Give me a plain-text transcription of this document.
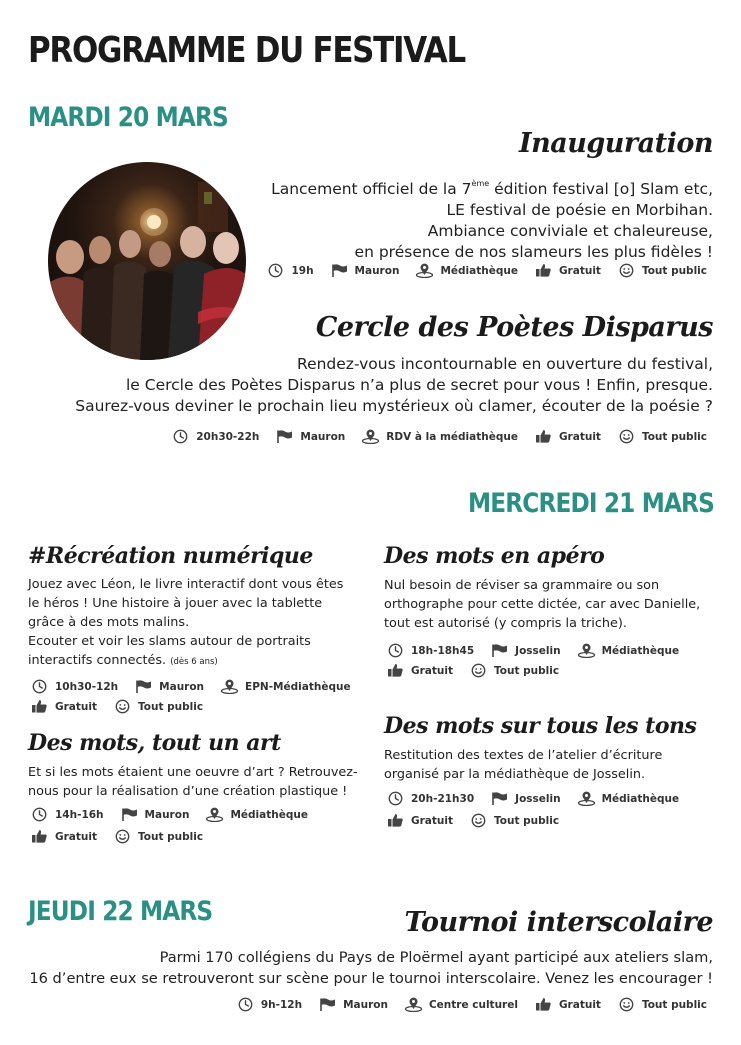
PROGRAMME DU FESTIVAL
MARDI 20 MARS
Inauguration
Lancement officiel de la 7ème édition festival [o] Slam etc,
LE festival de poésie en Morbihan.
Ambiance conviviale et chaleureuse,
en présence de nos slameurs les plus fidèles !
19h	Mauron	Médiathèque	Gratuit	Tout public
Cercle des Poètes Disparus
Rendez-vous incontournable en ouverture du festival,
le Cercle des Poètes Disparus n’a plus de secret pour vous ! Enfin, presque.
Saurez-vous deviner le prochain lieu mystérieux où clamer, écouter de la poésie ?
20h30-22h	Mauron	RDV à la médiathèque	Gratuit	Tout public
MERCREDI 21 MARS
#Récréation numérique
Jouez avec Léon, le livre interactif dont vous êtes le héros ! Une histoire à jouer avec la tablette grâce à des mots malins.
Ecouter et voir les slams autour de portraits interactifs connectés. (dès 6 ans)
10h30-12h	Mauron	EPN-Médiathèque
Gratuit	Tout public
Des mots, tout un art
Et si les mots étaient une oeuvre d’art ? Retrouvez-nous pour la réalisation d’une création plastique !
14h-16h	Mauron	Médiathèque
Gratuit	Tout public
Des mots en apéro
Nul besoin de réviser sa grammaire ou son orthographe pour cette dictée, car avec Danielle, tout est autorisé (y compris la triche).
18h-18h45	Josselin	Médiathèque
Gratuit	Tout public
Des mots sur tous les tons
Restitution des textes de l’atelier d’écriture organisé par la médiathèque de Josselin.
20h-21h30	Josselin	Médiathèque
Gratuit	Tout public
JEUDI 22 MARS	Tournoi interscolaire
Parmi 170 collégiens du Pays de Ploërmel ayant participé aux ateliers slam,
16 d’entre eux se retrouveront sur scène pour le tournoi interscolaire. Venez les encourager !
9h-12h	Mauron	Centre culturel	Gratuit	Tout public
